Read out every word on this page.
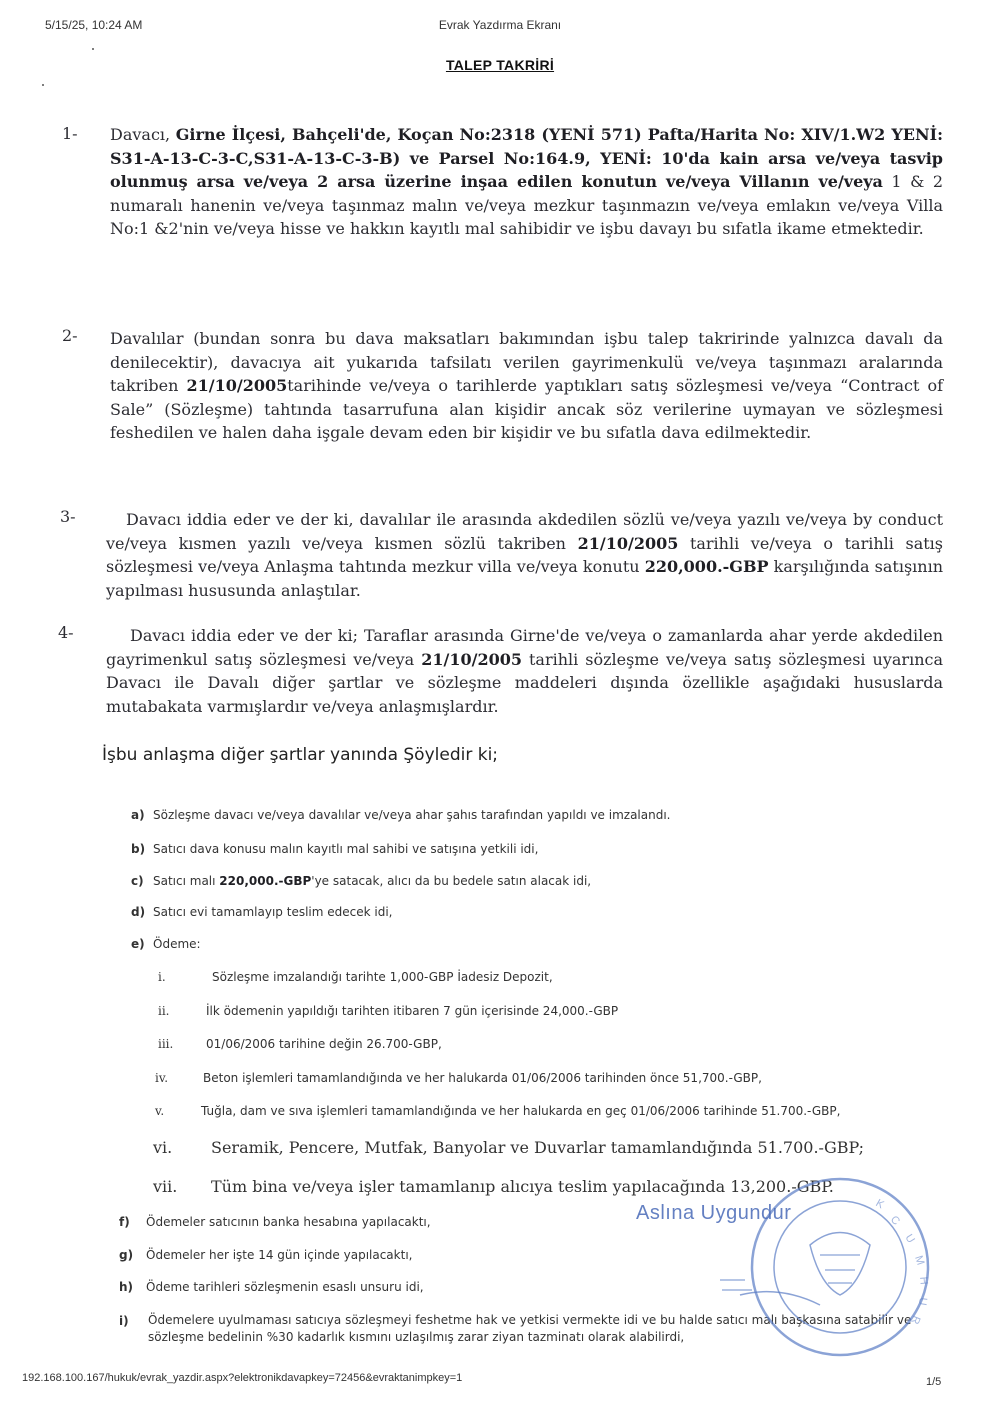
5/15/25, 10:24 AM	Evrak Yazdırma Ekranı
TALEP TAKRİRİ
1- Davacı, Girne İlçesi, Bahçeli'de, Koçan No:2318 (YENİ 571) Pafta/Harita No: XIV/1.W2 YENİ: S31-A-13-C-3-C,S31-A-13-C-3-B) ve Parsel No:164.9, YENİ: 10'da kain arsa ve/veya tasvip olunmuş arsa ve/veya 2 arsa üzerine inşaa edilen konutun ve/veya Villanın ve/veya 1 & 2 numaralı hanenin ve/veya taşınmaz malın ve/veya mezkur taşınmazın ve/veya emlakın ve/veya Villa No:1 &2'nin ve/veya hisse ve hakkın kayıtlı mal sahibidir ve işbu davayı bu sıfatla ikame etmektedir.

2- Davalılar (bundan sonra bu dava maksatları bakımından işbu talep takririnde yalnızca davalı da denilecektir), davacıya ait yukarıda tafsilatı verilen gayrimenkulü ve/veya taşınmazı aralarında takriben 21/10/2005tarihinde ve/veya o tarihlerde yaptıkları satış sözleşmesi ve/veya “Contract of Sale” (Sözleşme) tahtında tasarrufuna alan kişidir ancak söz verilerine uymayan ve sözleşmesi feshedilen ve halen daha işgale devam eden bir kişidir ve bu sıfatla dava edilmektedir.

3-	Davacı iddia eder ve der ki, davalılar ile arasında akdedilen sözlü ve/veya yazılı ve/veya by conduct ve/veya kısmen yazılı ve/veya kısmen sözlü takriben 21/10/2005 tarihli ve/veya o tarihli satış sözleşmesi ve/veya Anlaşma tahtında mezkur villa ve/veya konutu 220,000.-GBP karşılığında satışının yapılması hususunda anlaştılar.

4-	Davacı iddia eder ve der ki; Taraflar arasında Girne'de ve/veya o zamanlarda ahar yerde akdedilen gayrimenkul satış sözleşmesi ve/veya 21/10/2005 tarihli sözleşme ve/veya satış sözleşmesi uyarınca Davacı ile Davalı diğer şartlar ve sözleşme maddeleri dışında özellikle aşağıdaki hususlarda mutabakata varmışlardır ve/veya anlaşmışlardır.

İşbu anlaşma diğer şartlar yanında Şöyledir ki;
a) Sözleşme davacı ve/veya davalılar ve/veya ahar şahıs tarafından yapıldı ve imzalandı.
b) Satıcı dava konusu malın kayıtlı mal sahibi ve satışına yetkili idi,
c) Satıcı malı 220,000.-GBP'ye satacak, alıcı da bu bedele satın alacak idi,
d) Satıcı evi tamamlayıp teslim edecek idi,
e) Ödeme:
i.	Sözleşme imzalandığı tarihte 1,000-GBP İadesiz Depozit,
ii.	İlk ödemenin yapıldığı tarihten itibaren 7 gün içerisinde 24,000.-GBP
iii.	01/06/2006 tarihine değin 26.700-GBP,
iv.	Beton işlemleri tamamlandığında ve her halukarda 01/06/2006 tarihinden önce 51,700.-GBP,
v.	Tuğla, dam ve sıva işlemleri tamamlandığında ve her halukarda en geç 01/06/2006 tarihinde 51.700.-GBP,
vi. Seramik, Pencere, Mutfak, Banyolar ve Duvarlar tamamlandığında 51.700.-GBP;
vii. Tüm bina ve/veya işler tamamlanıp alıcıya teslim yapılacağında 13,200.-GBP.
f) Ödemeler satıcının banka hesabına yapılacaktı,
g) Ödemeler her işte 14 gün içinde yapılacaktı,
h) Ödeme tarihleri sözleşmenin esaslı unsuru idi,
i) Ödemelere uyulmaması satıcıya sözleşmeyi feshetme hak ve yetkisi vermekte idi ve bu halde satıcı malı başkasına satabilir ve sözleşme bedelinin %30 kadarlık kısmını uzlaşılmış zarar ziyan tazminatı olarak alabilirdi,
K
C
U
M
H
U
R
Aslına Uygundur
192.168.100.167/hukuk/evrak_yazdir.aspx?elektronikdavapkey=72456&evraktanimpkey=1	1/5
